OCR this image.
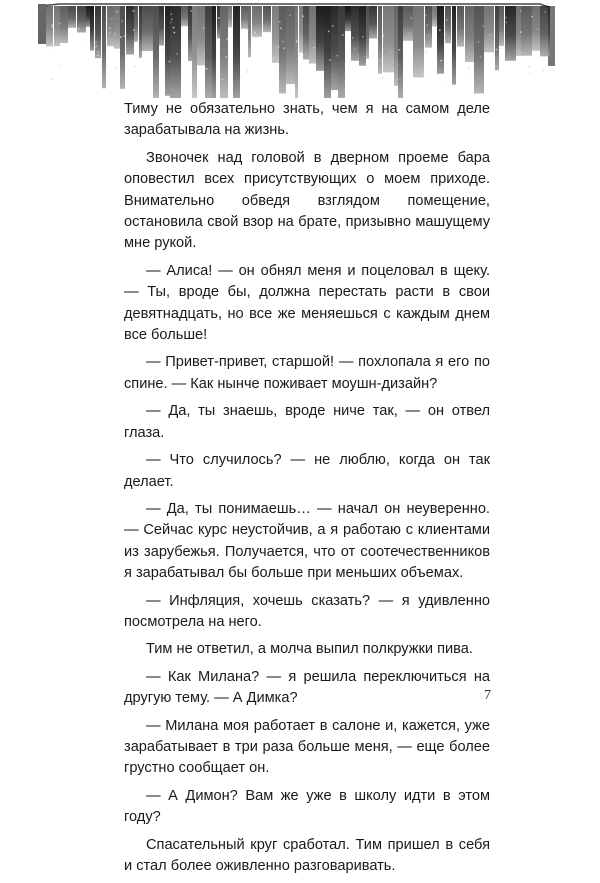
Тиму не обязательно знать, чем я на самом деле зарабатывала на жизнь.

Звоночек над головой в дверном проеме бара оповестил всех присутствующих о моем приходе. Внимательно обведя взглядом помещение, остановила свой взор на брате, призывно машущему мне рукой.

— Алиса! — он обнял меня и поцеловал в щеку. — Ты, вроде бы, должна перестать расти в свои девятнадцать, но все же меняешься с каждым днем все больше!

— Привет-привет, старшой! — похлопала я его по спине. — Как нынче поживает моушн-дизайн?

— Да, ты знаешь, вроде ниче так, — он отвел глаза.

— Что случилось? — не люблю, когда он так делает.

— Да, ты понимаешь… — начал он неуверенно. — Сейчас курс неустойчив, а я работаю с клиентами из зарубежья. Получается, что от соотечественников я зарабатывал бы больше при меньших объемах.

— Инфляция, хочешь сказать? — я удивленно посмотрела на него.

Тим не ответил, а молча выпил полкружки пива.

— Как Милана? — я решила переключиться на другую тему. — А Димка?

— Милана моя работает в салоне и, кажется, уже зарабатывает в три раза больше меня, — еще более грустно сообщает он.

— А Димон? Вам же уже в школу идти в этом году?

Спасательный круг сработал. Тим пришел в себя и стал более оживленно разговаривать.

7
